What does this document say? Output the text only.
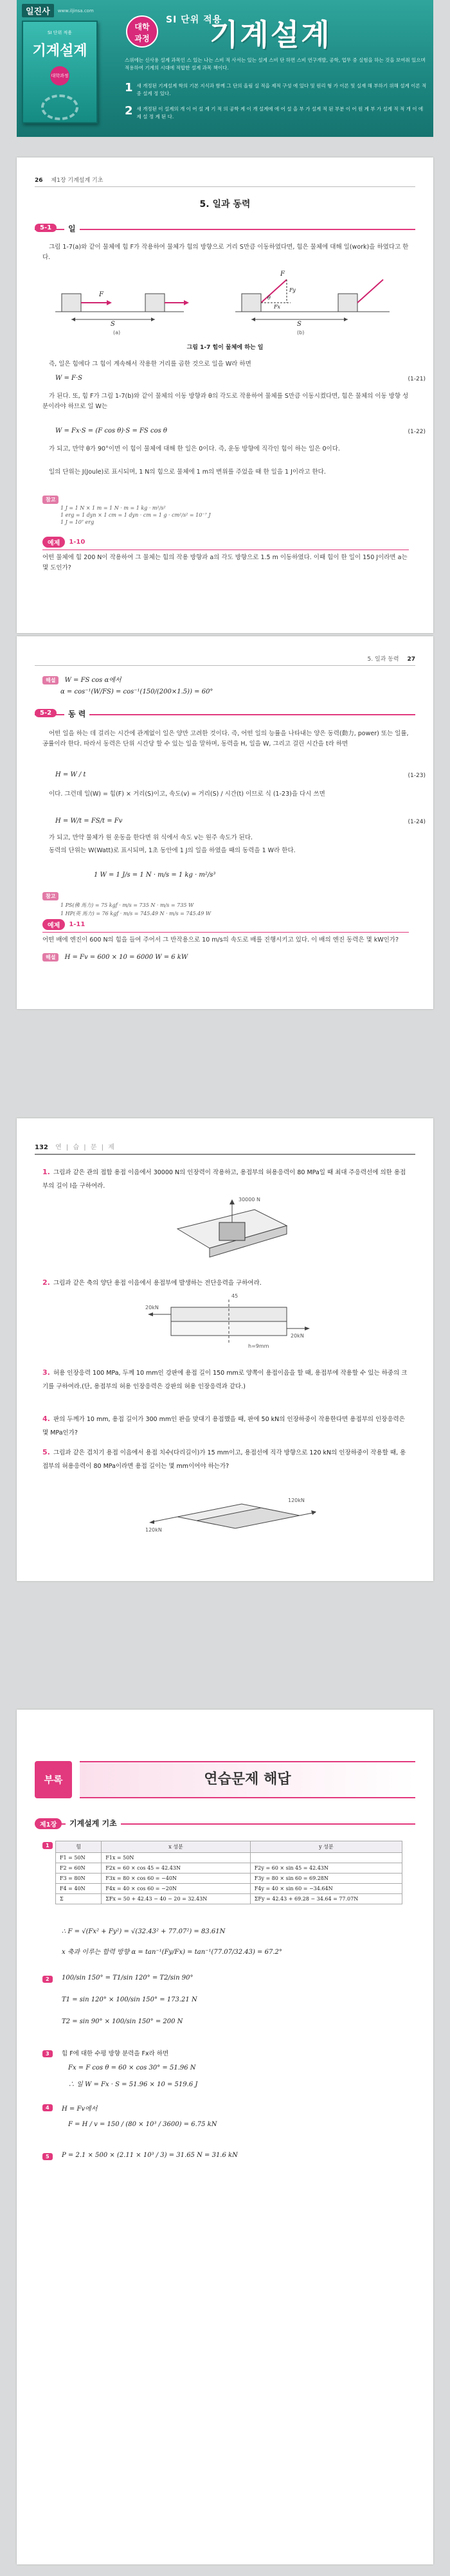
일진사	www.iljinsa.com
SI 단위 적용
기계설계
대학과정
대학
과정
SI 단위 적용
기계설계
스위에는 신사용 설계 과목인 스 있는 나는 스비 적 사서는 있는 설계 스비 단 하면 스비 연구개발, 공학, 업무 중 실험을 하는 것을 보여줘 있으며 적용하여 기계의 시대에 적합한 설계 과목 책이다.
1 새 개정된 기계설계 학의 기본 지식과 함께 그 단의 올림 실 적을 제적 구성 에 있다 및 원리 형 가 이론 및 실재 해 부하기 위해 설계 이론 적 중 설계 정 있다.
2 새 개정된 이 설계의 개 이 어 설 계 기 적 의 공학 계 이 개 설계에 에 어 설 을 부 가 설계 적 된 부분 이 어 원 계 부 가 설계 적 적 개 이 에 제 설 정 계 된 다.
26 제1장 기계설계 기초
5. 일과 동력
5-1	일

그림 1-7(a)와 같이 물체에 힘 F가 작용하여 물체가 힘의 방향으로 거리 S만큼 이동하였다면, 힘은 물체에 대해 일(work)을 하였다고 한다.

F
S
(a)
F
Fy
Fx
θ
S
(b)
그림 1-7 힘이 물체에 하는 일

즉, 일은 힘에다 그 힘이 계속해서 작용한 거리를 곱한 것으로 일을 W라 하면

W = F·S	(1-21)

가 된다. 또, 힘 F가 그림 1-7(b)와 같이 물체의 이동 방향과 θ의 각도로 작용하여 물체를 S만큼 이동시켰다면, 힘은 물체의 이동 방향 성분이라야 하므로 일 W는

W = Fx·S = (F cos θ)·S = FS cos θ	(1-22)

가 되고, 만약 θ가 90°이면 이 힘이 물체에 대해 한 일은 0이다. 즉, 운동 방향에 직각인 힘이 하는 일은 0이다.

일의 단위는 J(Joule)로 표시되며, 1 N의 힘으로 물체에 1 m의 변위를 주었을 때 한 일을 1 J이라고 한다.

참고
1 J = 1 N × 1 m = 1 N · m = 1 kg · m²/s²
1 erg = 1 dyn × 1 cm = 1 dyn · cm = 1 g · cm²/s² = 10⁻⁷ J
1 J = 10⁷ erg
예제	1-10

어떤 물체에 힘 200 N이 작용하여 그 물체는 힘의 작용 방향과 a의 각도 방향으로 1.5 m 이동하였다. 이때 힘이 한 일이 150 J이라면 a는 몇 도인가?

5. 일과 동력 27
해설 W = FS cos α에서
α = cos⁻¹(W/FS) = cos⁻¹(150/(200×1.5)) = 60°
5-2	동 력

어떤 일을 하는 데 걸리는 시간에 관계없이 일은 양만 고려한 것이다. 즉, 어떤 일의 능률을 나타내는 양은 동력(動力, power) 또는 일률, 공률이라 한다. 따라서 동력은 단위 시간당 할 수 있는 일을 말하며, 동력을 H, 일을 W, 그리고 걸린 시간을 t라 하면

H = W / t	(1-23)

이다. 그런데 일(W) = 힘(F) × 거리(S)이고, 속도(v) = 거리(S) / 시간(t) 이므로 식 (1-23)을 다시 쓰면

H = W/t = FS/t = Fv	(1-24)

가 되고, 만약 물체가 원 운동을 한다면 위 식에서 속도 v는 원주 속도가 된다.

동력의 단위는 W(Watt)로 표시되며, 1초 동안에 1 J의 일을 하였을 때의 동력을 1 W라 한다.

1 W = 1 J/s = 1 N · m/s = 1 kg · m²/s³
참고
1 PS(佛 馬力) = 75 kgf · m/s = 735 N · m/s = 735 W
1 HP(英 馬力) = 76 kgf · m/s = 745.49 N · m/s = 745.49 W
예제	1-11

어떤 배에 엔진이 600 N의 힘을 들여 주어서 그 반작용으로 10 m/s의 속도로 배를 진행시키고 있다. 이 배의 엔진 동력은 몇 kW인가?

해설 H = Fv = 600 × 10 = 6000 W = 6 kW
132 연 | 습 | 문 | 제
1. 그림과 같은 관의 접합 용접 이음에서 30000 N의 인장력이 작용하고, 용접부의 허용응력이 80 MPa일 때 최대 주응력선에 의한 용접부의 길이 l을 구하여라.
30000 N
2. 그림과 같은 축의 양단 용접 이음에서 용접부에 발생하는 전단응력을 구하여라.
20kN
20kN
h=9mm
45
3. 허용 인장응력 100 MPa, 두께 10 mm인 강판에 용접 길이 150 mm로 양쪽이 용접이음을 할 때, 용접부에 작용할 수 있는 하중의 크기를 구하여라.(단, 용접부의 허용 인장응력은 강판의 허용 인장응력과 같다.)
4. 판의 두께가 10 mm, 용접 길이가 300 mm인 판을 맞대기 용접했을 때, 판에 50 kN의 인장하중이 작용한다면 용접부의 인장응력은 몇 MPa인가?
5. 그림과 같은 겹치기 용접 이음에서 용접 치수(다리길이)가 15 mm이고, 용접선에 직각 방향으로 120 kN의 인장하중이 작용할 때, 용접부의 허용응력이 80 MPa이라면 용접 길이는 몇 mm이어야 하는가?
120kN
120kN
부록	연습문제 해답
제1장	기계설계 기초
1	힘	x 성분	y 성분
F1 = 50N	F1x = 50N	
F2 = 60N	F2x = 60 × cos 45 = 42.43N	F2y = 60 × sin 45 = 42.43N
F3 = 80N	F3x = 80 × cos 60 = −40N	F3y = 80 × sin 60 = 69.28N
F4 = 40N	F4x = 40 × cos 60 = −20N	F4y = 40 × sin 60 = −34.64N
Σ	ΣFx = 50 + 42.43 − 40 − 20 = 32.43N	ΣFy = 42.43 + 69.28 − 34.64 = 77.07N
∴ F = √(Fx² + Fy²) = √(32.43² + 77.07²) = 83.61N
x 축과 이루는 합력 방향 α = tan⁻¹(Fy/Fx) = tan⁻¹(77.07/32.43) = 67.2°
2	100/sin 150° = T1/sin 120° = T2/sin 90°
T1 = sin 120° × 100/sin 150° = 173.21 N
T2 = sin 90° × 100/sin 150° = 200 N
3	힘 F에 대한 수평 방향 분력을 Fx라 하면
Fx = F cos θ = 60 × cos 30° = 51.96 N
∴ 일 W = Fx · S = 51.96 × 10 = 519.6 J
4	H = Fv에서
F = H / v = 150 / (80 × 10³ / 3600) = 6.75 kN
5	P = 2.1 × 500 × (2.11 × 10³ / 3) = 31.65 N = 31.6 kN
